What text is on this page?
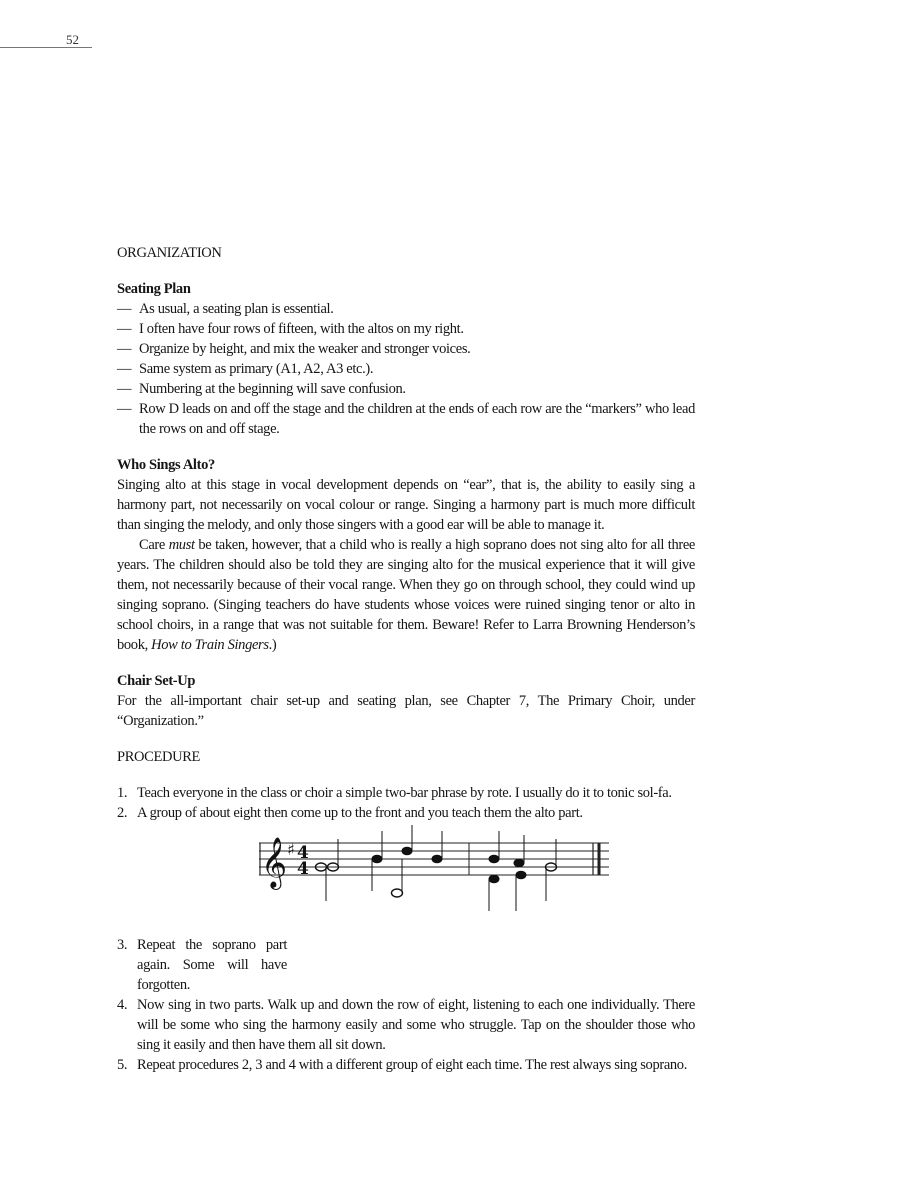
52
ORGANIZATION
Seating Plan
— As usual, a seating plan is essential.
— I often have four rows of fifteen, with the altos on my right.
— Organize by height, and mix the weaker and stronger voices.
— Same system as primary (A1, A2, A3 etc.).
— Numbering at the beginning will save confusion.
— Row D leads on and off the stage and the children at the ends of each row are the “markers” who lead the rows on and off stage.
Who Sings Alto?

Singing alto at this stage in vocal development depends on “ear”, that is, the ability to easily sing a harmony part, not necessarily on vocal colour or range. Singing a harmony part is much more difficult than singing the melody, and only those singers with a good ear will be able to manage it.

Care must be taken, however, that a child who is really a high soprano does not sing alto for all three years. The children should also be told they are singing alto for the musical experience that it will give them, not necessarily because of their vocal range. When they go on through school, they could wind up singing soprano. (Singing teachers do have students whose voices were ruined singing tenor or alto in school choirs, in a range that was not suitable for them. Beware! Refer to Larra Browning Henderson’s book, How to Train Singers.)

Chair Set-Up

For the all-important chair set-up and seating plan, see Chapter 7, The Primary Choir, under “Organization.”

PROCEDURE
1. Teach everyone in the class or choir a simple two-bar phrase by rote. I usually do it to tonic sol-fa.
2. A group of about eight then come up to the front and you teach them the alto part.
𝄞 ♯ 4
4
3. Repeat the soprano part again. Some will have forgotten.
4. Now sing in two parts. Walk up and down the row of eight, listening to each one individually. There will be some who sing the harmony easily and some who struggle. Tap on the shoulder those who sing it easily and then have them all sit down.
5. Repeat procedures 2, 3 and 4 with a different group of eight each time. The rest always sing soprano.
